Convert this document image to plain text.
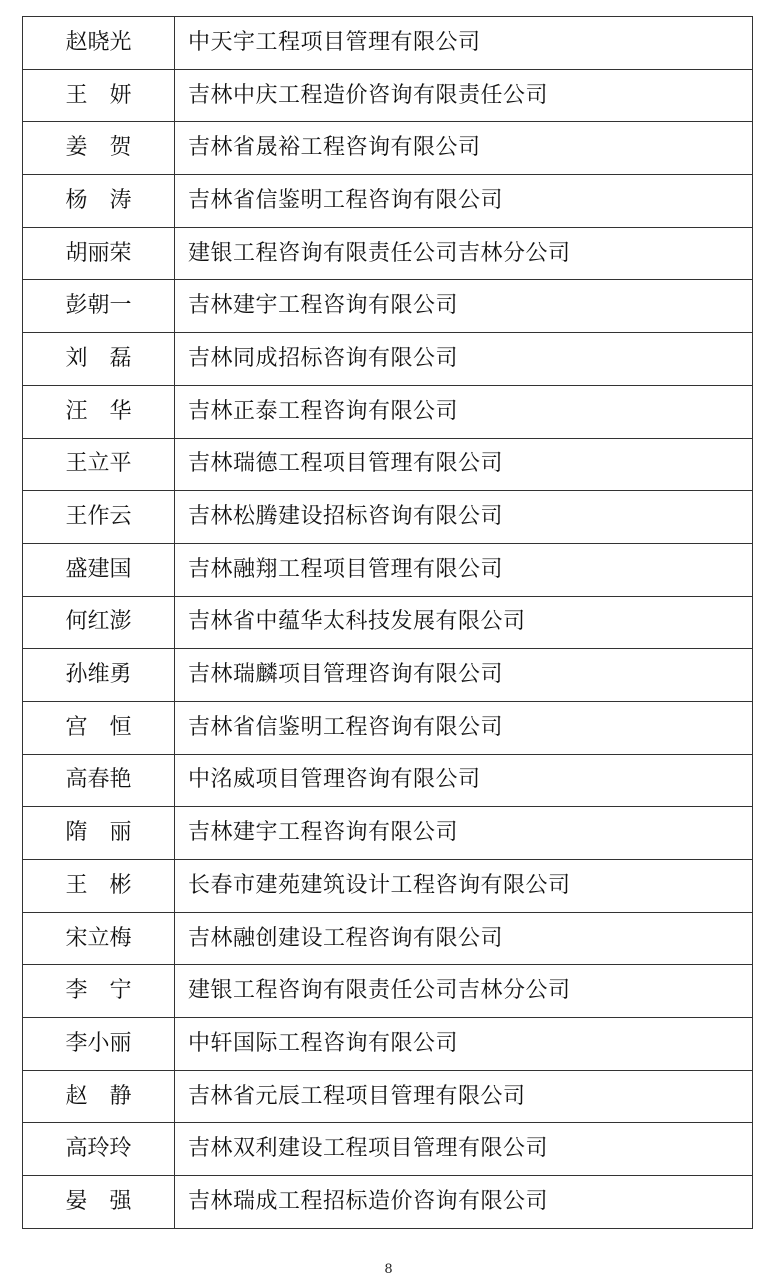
赵晓光	中天宇工程项目管理有限公司
王　妍	吉林中庆工程造价咨询有限责任公司
姜　贺	吉林省晟裕工程咨询有限公司
杨　涛	吉林省信鉴明工程咨询有限公司
胡丽荣	建银工程咨询有限责任公司吉林分公司
彭朝一	吉林建宇工程咨询有限公司
刘　磊	吉林同成招标咨询有限公司
汪　华	吉林正泰工程咨询有限公司
王立平	吉林瑞德工程项目管理有限公司
王作云	吉林松腾建设招标咨询有限公司
盛建国	吉林融翔工程项目管理有限公司
何红澎	吉林省中蕴华太科技发展有限公司
孙维勇	吉林瑞麟项目管理咨询有限公司
宫　恒	吉林省信鉴明工程咨询有限公司
高春艳	中洺威项目管理咨询有限公司
隋　丽	吉林建宇工程咨询有限公司
王　彬	长春市建苑建筑设计工程咨询有限公司
宋立梅	吉林融创建设工程咨询有限公司
李　宁	建银工程咨询有限责任公司吉林分公司
李小丽	中轩国际工程咨询有限公司
赵　静	吉林省元辰工程项目管理有限公司
高玲玲	吉林双利建设工程项目管理有限公司
晏　强	吉林瑞成工程招标造价咨询有限公司
8
